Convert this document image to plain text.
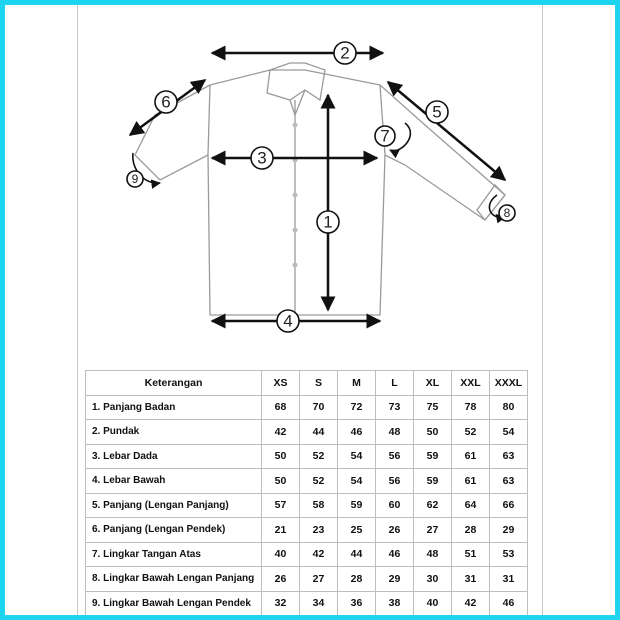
2
3
1
4
5
6
7
8
9
Keterangan	XS	S	M	L	XL	XXL	XXXL
1. Panjang Badan	68	70	72	73	75	78	80
2. Pundak	42	44	46	48	50	52	54
3. Lebar Dada	50	52	54	56	59	61	63
4. Lebar Bawah	50	52	54	56	59	61	63
5. Panjang (Lengan Panjang)	57	58	59	60	62	64	66
6. Panjang (Lengan Pendek)	21	23	25	26	27	28	29
7. Lingkar Tangan Atas	40	42	44	46	48	51	53
8. Lingkar Bawah Lengan Panjang	26	27	28	29	30	31	31
9. Lingkar Bawah Lengan Pendek	32	34	36	38	40	42	46
